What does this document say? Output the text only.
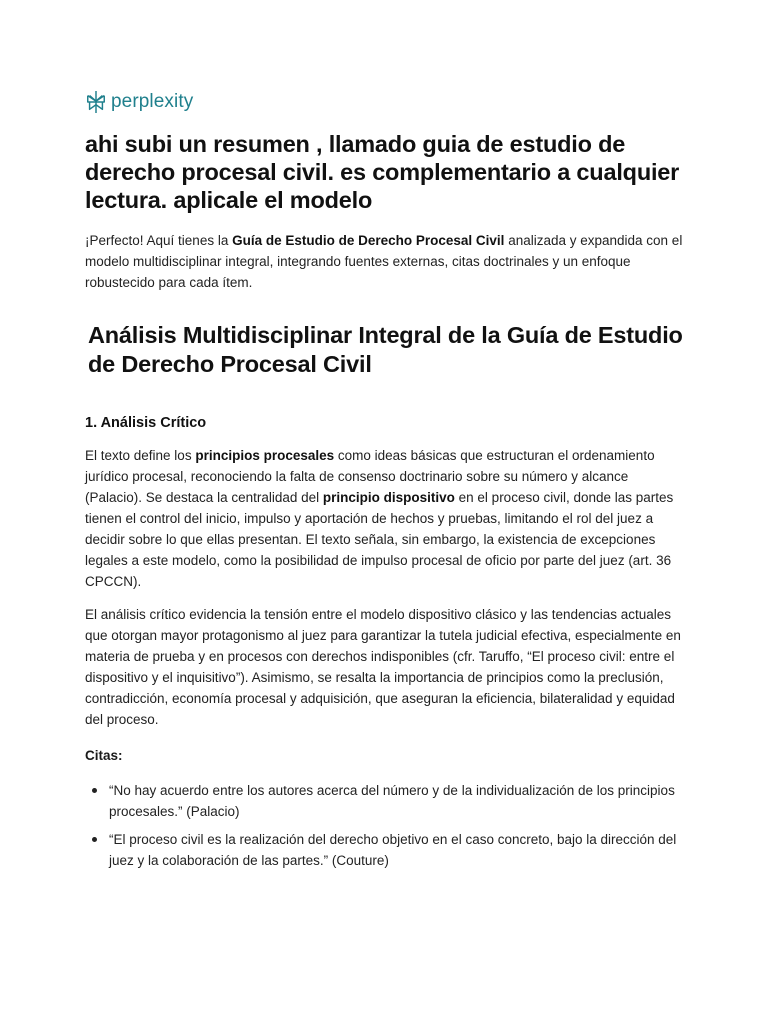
perplexity
ahi subi un resumen , llamado guia de estudio de derecho procesal civil. es complementario a cualquier lectura. aplicale el modelo

¡Perfecto! Aquí tienes la Guía de Estudio de Derecho Procesal Civil analizada y expandida con el modelo multidisciplinar integral, integrando fuentes externas, citas doctrinales y un enfoque robustecido para cada ítem.

Análisis Multidisciplinar Integral de la Guía de Estudio de Derecho Procesal Civil
1. Análisis Crítico

El texto define los principios procesales como ideas básicas que estructuran el ordenamiento jurídico procesal, reconociendo la falta de consenso doctrinario sobre su número y alcance (Palacio). Se destaca la centralidad del principio dispositivo en el proceso civil, donde las partes tienen el control del inicio, impulso y aportación de hechos y pruebas, limitando el rol del juez a decidir sobre lo que ellas presentan. El texto señala, sin embargo, la existencia de excepciones legales a este modelo, como la posibilidad de impulso procesal de oficio por parte del juez (art. 36 CPCCN).

El análisis crítico evidencia la tensión entre el modelo dispositivo clásico y las tendencias actuales que otorgan mayor protagonismo al juez para garantizar la tutela judicial efectiva, especialmente en materia de prueba y en procesos con derechos indisponibles (cfr. Taruffo, “El proceso civil: entre el dispositivo y el inquisitivo”). Asimismo, se resalta la importancia de principios como la preclusión, contradicción, economía procesal y adquisición, que aseguran la eficiencia, bilateralidad y equidad del proceso.

Citas:
“No hay acuerdo entre los autores acerca del número y de la individualización de los principios procesales.” (Palacio)
“El proceso civil es la realización del derecho objetivo en el caso concreto, bajo la dirección del juez y la colaboración de las partes.” (Couture)
